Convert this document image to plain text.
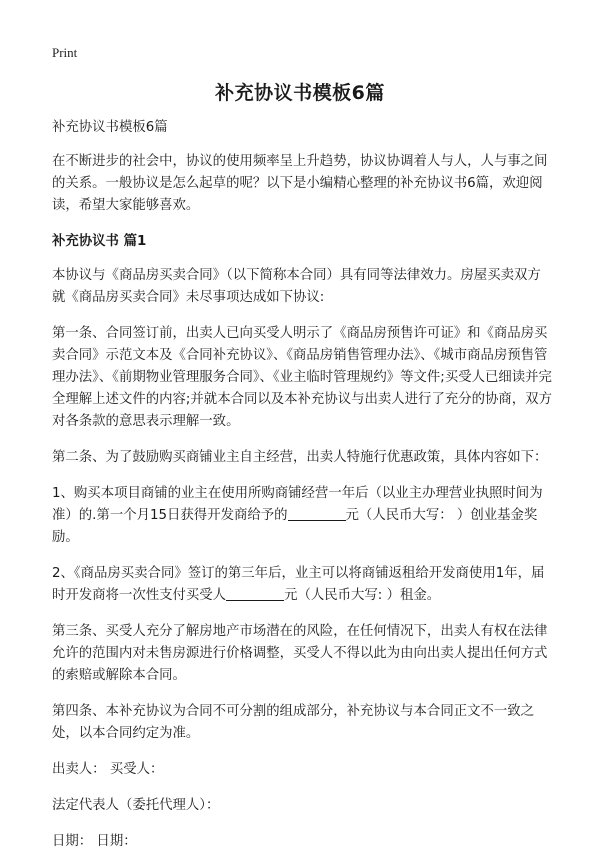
Print
补充协议书模板6篇

补充协议书模板6篇

在不断进步的社会中，协议的使用频率呈上升趋势，协议协调着人与人，人与事之间的关系。一般协议是怎么起草的呢？以下是小编精心整理的补充协议书6篇，欢迎阅读，希望大家能够喜欢。

补充协议书 篇1

本协议与《商品房买卖合同》（以下简称本合同）具有同等法律效力。房屋买卖双方就《商品房买卖合同》未尽事项达成如下协议:

第一条、合同签订前，出卖人已向买受人明示了《商品房预售许可证》和《商品房买卖合同》示范文本及《合同补充协议》、《商品房销售管理办法》、《城市商品房预售管理办法》、《前期物业管理服务合同》、《业主临时管理规约》等文件;买受人已细读并完全理解上述文件的内容;并就本合同以及本补充协议与出卖人进行了充分的协商，双方对各条款的意思表示理解一致。

第二条、为了鼓励购买商铺业主自主经营，出卖人特施行优惠政策，具体内容如下：

1、购买本项目商铺的业主在使用所购商铺经营一年后（以业主办理营业执照时间为准）的.第一个月15日获得开发商给予的	元（人民币大写： ）创业基金奖励。

2、《商品房买卖合同》签订的第三年后，业主可以将商铺返租给开发商使用1年，届时开发商将一次性支付买受人	元（人民币大写: ）租金。

第三条、买受人充分了解房地产市场潜在的风险，在任何情况下，出卖人有权在法律允许的范围内对未售房源进行价格调整，买受人不得以此为由向出卖人提出任何方式的索赔或解除本合同。

第四条、本补充协议为合同不可分割的组成部分，补充协议与本合同正文不一致之处，以本合同约定为准。

出卖人： 买受人：

法定代表人（委托代理人）：

日期： 日期：
